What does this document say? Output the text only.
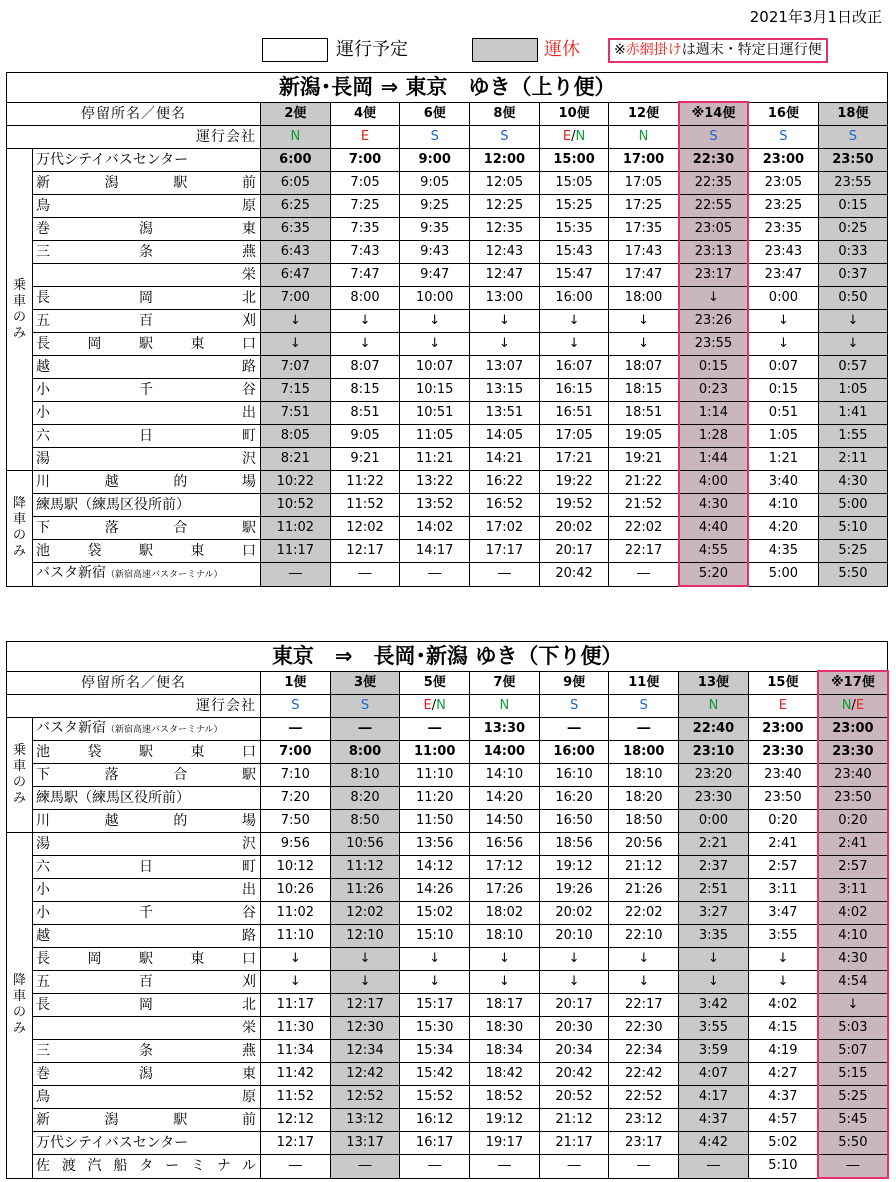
2021年3月1日改正
運行予定	運休	※赤網掛けは週末・特定日運行便
新潟･長岡 ⇒ 東京　ゆき（上り便）										
停留所名／便名		2便	4便	6便	8便	10便	12便	※14便	16便	18便
運行会社		N	E	S	S	E/N	N	S	S	S
乗車のみ	万代シテイバスセンター	6:00	7:00	9:00	12:00	15:00	17:00	22:30	23:00	23:50
	新潟駅前	6:05	7:05	9:05	12:05	15:05	17:05	22:35	23:05	23:55
	鳥原	6:25	7:25	9:25	12:25	15:25	17:25	22:55	23:25	0:15
	巻潟東	6:35	7:35	9:35	12:35	15:35	17:35	23:05	23:35	0:25
	三条燕	6:43	7:43	9:43	12:43	15:43	17:43	23:13	23:43	0:33
	栄	6:47	7:47	9:47	12:47	15:47	17:47	23:17	23:47	0:37
	長岡北	7:00	8:00	10:00	13:00	16:00	18:00	↓	0:00	0:50
	五百刈	↓	↓	↓	↓	↓	↓	23:26	↓	↓
	長岡駅東口	↓	↓	↓	↓	↓	↓	23:55	↓	↓
	越路	7:07	8:07	10:07	13:07	16:07	18:07	0:15	0:07	0:57
	小千谷	7:15	8:15	10:15	13:15	16:15	18:15	0:23	0:15	1:05
	小出	7:51	8:51	10:51	13:51	16:51	18:51	1:14	0:51	1:41
	六日町	8:05	9:05	11:05	14:05	17:05	19:05	1:28	1:05	1:55
	湯沢	8:21	9:21	11:21	14:21	17:21	19:21	1:44	1:21	2:11
降車のみ	川越的場	10:22	11:22	13:22	16:22	19:22	21:22	4:00	3:40	4:30
	練馬駅（練馬区役所前）	10:52	11:52	13:52	16:52	19:52	21:52	4:30	4:10	5:00
	下落合駅	11:02	12:02	14:02	17:02	20:02	22:02	4:40	4:20	5:10
	池袋駅東口	11:17	12:17	14:17	17:17	20:17	22:17	4:55	4:35	5:25
	バスタ新宿（新宿高速バスターミナル）	―	―	―	―	20:42	―	5:20	5:00	5:50
東京　⇒　長岡･新潟 ゆき（下り便）										
停留所名／便名		1便	3便	5便	7便	9便	11便	13便	15便	※17便
運行会社		S	S	E/N	N	S	S	N	E	N/E
乗車のみ	バスタ新宿（新宿高速バスターミナル）	―	―	―	13:30	―	―	22:40	23:00	23:00
	池袋駅東口	7:00	8:00	11:00	14:00	16:00	18:00	23:10	23:30	23:30
	下落合駅	7:10	8:10	11:10	14:10	16:10	18:10	23:20	23:40	23:40
	練馬駅（練馬区役所前）	7:20	8:20	11:20	14:20	16:20	18:20	23:30	23:50	23:50
	川越的場	7:50	8:50	11:50	14:50	16:50	18:50	0:00	0:20	0:20
降車のみ	湯沢	9:56	10:56	13:56	16:56	18:56	20:56	2:21	2:41	2:41
	六日町	10:12	11:12	14:12	17:12	19:12	21:12	2:37	2:57	2:57
	小出	10:26	11:26	14:26	17:26	19:26	21:26	2:51	3:11	3:11
	小千谷	11:02	12:02	15:02	18:02	20:02	22:02	3:27	3:47	4:02
	越路	11:10	12:10	15:10	18:10	20:10	22:10	3:35	3:55	4:10
	長岡駅東口	↓	↓	↓	↓	↓	↓	↓	↓	4:30
	五百刈	↓	↓	↓	↓	↓	↓	↓	↓	4:54
	長岡北	11:17	12:17	15:17	18:17	20:17	22:17	3:42	4:02	↓
	栄	11:30	12:30	15:30	18:30	20:30	22:30	3:55	4:15	5:03
	三条燕	11:34	12:34	15:34	18:34	20:34	22:34	3:59	4:19	5:07
	巻潟東	11:42	12:42	15:42	18:42	20:42	22:42	4:07	4:27	5:15
	鳥原	11:52	12:52	15:52	18:52	20:52	22:52	4:17	4:37	5:25
	新潟駅前	12:12	13:12	16:12	19:12	21:12	23:12	4:37	4:57	5:45
	万代シテイバスセンター	12:17	13:17	16:17	19:17	21:17	23:17	4:42	5:02	5:50
	佐渡汽船ターミナル	―	―	―	―	―	―	―	5:10	―
